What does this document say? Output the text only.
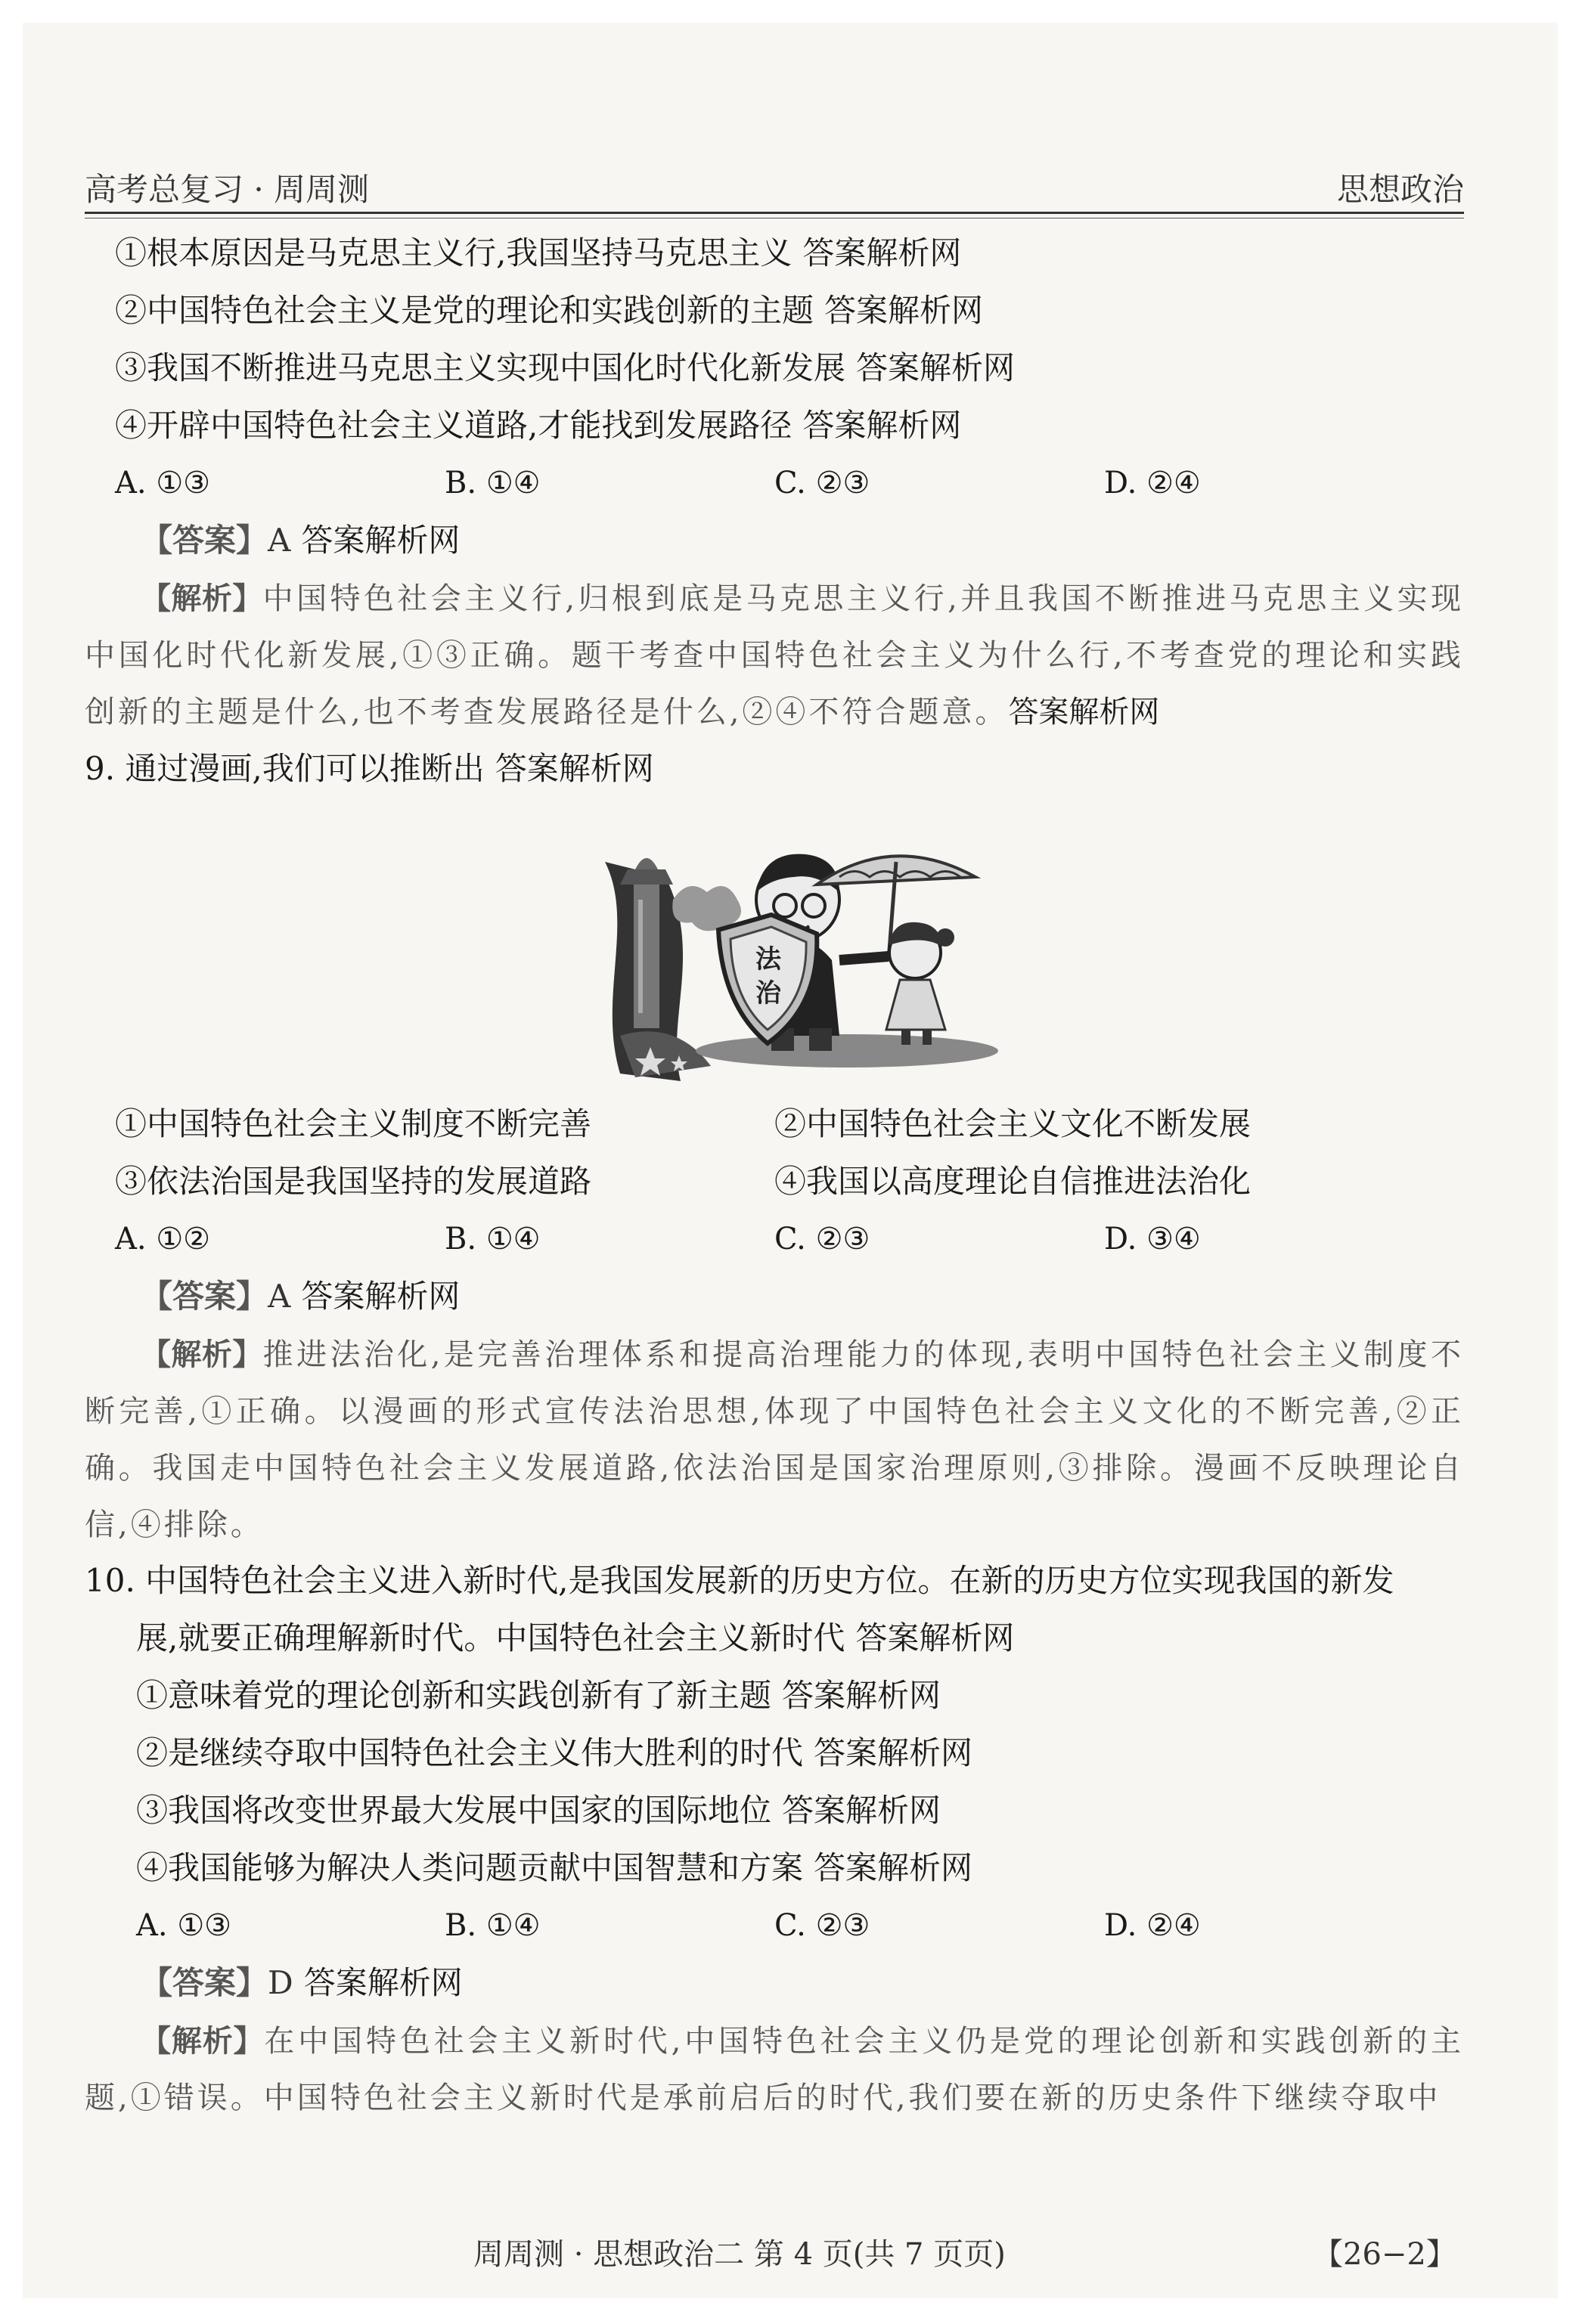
高考总复习 · 周周测	思想政治
①根本原因是马克思主义行,我国坚持马克思主义 答案解析网
②中国特色社会主义是党的理论和实践创新的主题 答案解析网
③我国不断推进马克思主义实现中国化时代化新发展 答案解析网
④开辟中国特色社会主义道路,才能找到发展路径 答案解析网
A. ①③	B. ①④	C. ②③	D. ②④
【答案】A 答案解析网
【解析】中国特色社会主义行,归根到底是马克思主义行,并且我国不断推进马克思主义实现中国化时代化新发展,①③正确。题干考查中国特色社会主义为什么行,不考查党的理论和实践创新的主题是什么,也不考查发展路径是什么,②④不符合题意。答案解析网
9. 通过漫画,我们可以推断出 答案解析网
法
治
①中国特色社会主义制度不断完善	②中国特色社会主义文化不断发展
③依法治国是我国坚持的发展道路	④我国以高度理论自信推进法治化
A. ①②	B. ①④	C. ②③	D. ③④
【答案】A 答案解析网
【解析】推进法治化,是完善治理体系和提高治理能力的体现,表明中国特色社会主义制度不断完善,①正确。以漫画的形式宣传法治思想,体现了中国特色社会主义文化的不断完善,②正确。我国走中国特色社会主义发展道路,依法治国是国家治理原则,③排除。漫画不反映理论自信,④排除。
10. 中国特色社会主义进入新时代,是我国发展新的历史方位。在新的历史方位实现我国的新发
展,就要正确理解新时代。中国特色社会主义新时代 答案解析网
①意味着党的理论创新和实践创新有了新主题 答案解析网
②是继续夺取中国特色社会主义伟大胜利的时代 答案解析网
③我国将改变世界最大发展中国家的国际地位 答案解析网
④我国能够为解决人类问题贡献中国智慧和方案 答案解析网
A. ①③	B. ①④	C. ②③	D. ②④
【答案】D 答案解析网
【解析】在中国特色社会主义新时代,中国特色社会主义仍是党的理论创新和实践创新的主题,①错误。中国特色社会主义新时代是承前启后的时代,我们要在新的历史条件下继续夺取中
周周测 · 思想政治二 第 4 页(共 7 页页)	【26−2】
